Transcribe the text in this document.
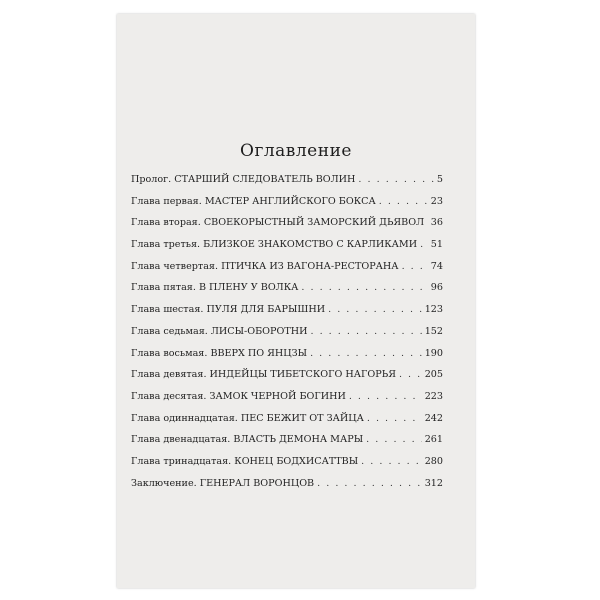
Оглавление
Пролог. СТАРШИЙ СЛЕДОВАТЕЛЬ ВОЛИН . . .	5
Глава первая. МАСТЕР АНГЛИЙСКОГО БОКСА . . .	23
Глава вторая. СВОЕКОРЫСТНЫЙ ЗАМОРСКИЙ ДЬЯВОЛ . . . 36
Глава третья. БЛИЗКОЕ ЗНАКОМСТВО С КАРЛИКАМИ . . . 51
Глава четвертая. ПТИЧКА ИЗ ВАГОНА-РЕСТОРАНА . . .	74
Глава пятая. В ПЛЕНУ У ВОЛКА . . .	96
Глава шестая. ПУЛЯ ДЛЯ БАРЫШНИ . . .	123
Глава седьмая. ЛИСЫ-ОБОРОТНИ . . .	152
Глава восьмая. ВВЕРХ ПО ЯНЦЗЫ . . .	190
Глава девятая. ИНДЕЙЦЫ ТИБЕТСКОГО НАГОРЬЯ . . .	205
Глава десятая. ЗАМОК ЧЕРНОЙ БОГИНИ . . .	223
Глава одиннадцатая. ПЕС БЕЖИТ ОТ ЗАЙЦА . . .	242
Глава двенадцатая. ВЛАСТЬ ДЕМОНА МАРЫ . . .	261
Глава тринадцатая. КОНЕЦ БОДХИСАТТВЫ . . .	280
Заключение. ГЕНЕРАЛ ВОРОНЦОВ . . .	312
